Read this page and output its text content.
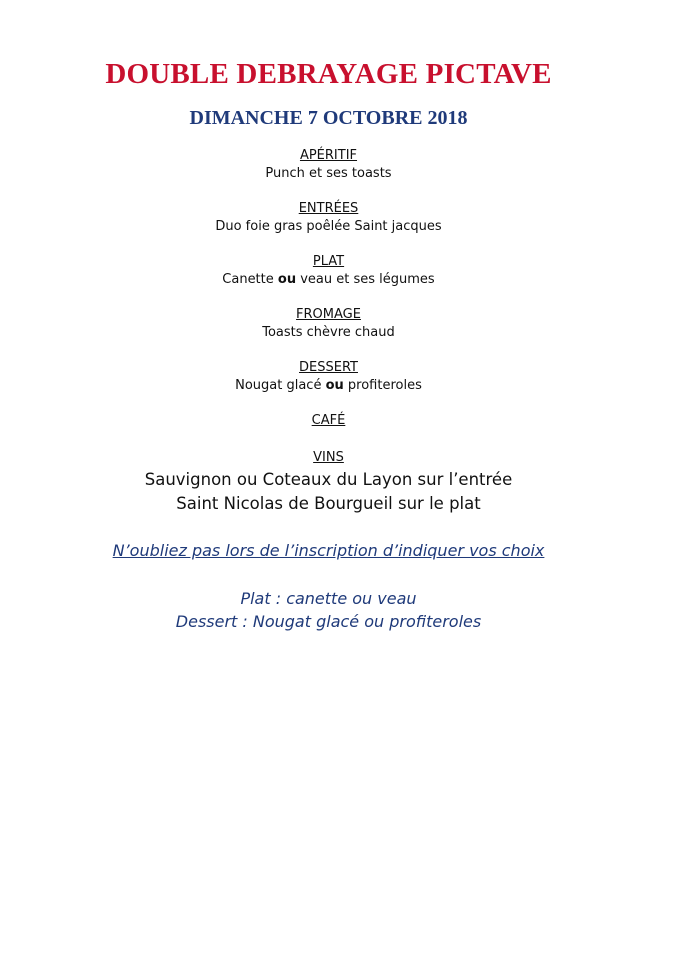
DOUBLE DEBRAYAGE PICTAVE
DIMANCHE 7 OCTOBRE 2018
APÉRITIF
Punch et ses toasts
ENTRÉES
Duo foie gras poêlée Saint jacques
PLAT
Canette ou veau et ses légumes
FROMAGE
Toasts chèvre chaud
DESSERT
Nougat glacé ou profiteroles
CAFÉ
VINS
Sauvignon ou Coteaux du Layon sur l’entrée
Saint Nicolas de Bourgueil sur le plat
N’oubliez pas lors de l’inscription d’indiquer vos choix
Plat : canette ou veau
Dessert : Nougat glacé ou profiteroles
